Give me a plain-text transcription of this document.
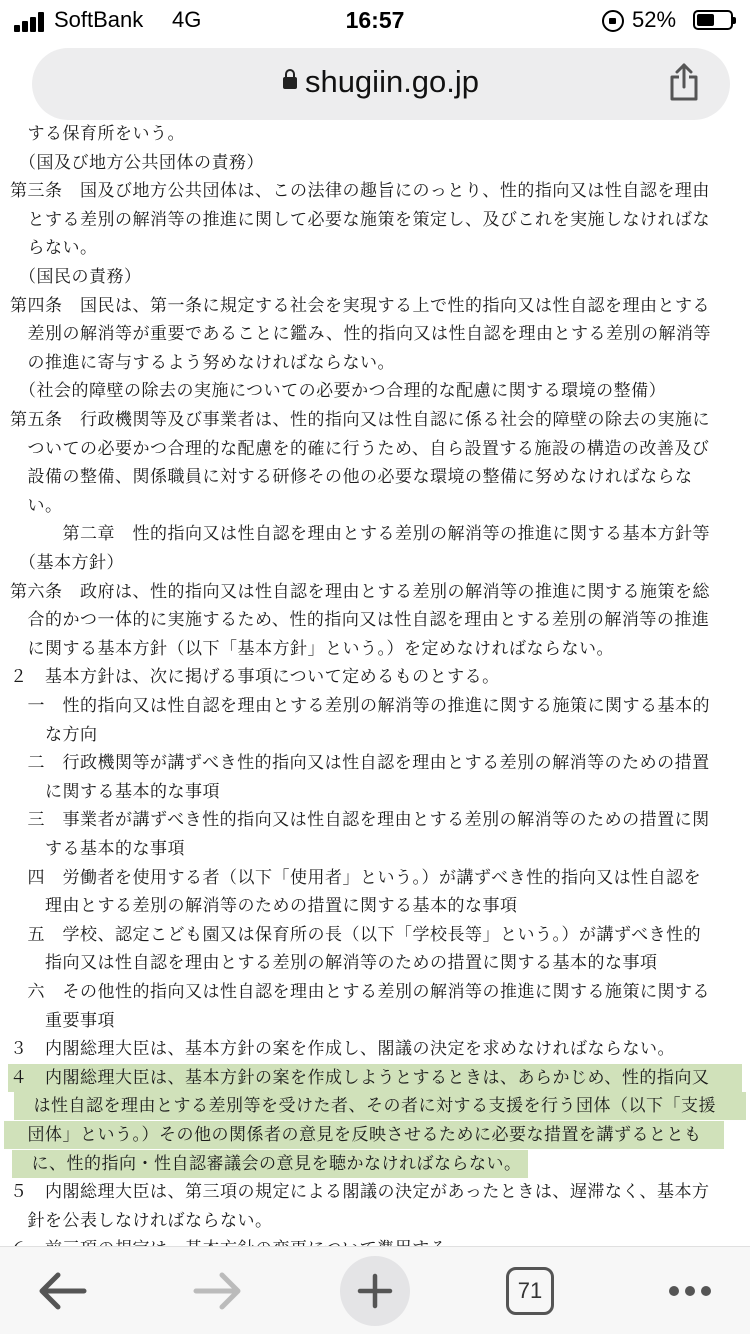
SoftBank 4G	16:57	52%
shugiin.go.jp
　する保育所をいう。
　（国及び地方公共団体の責務）
第三条　国及び地方公共団体は、この法律の趣旨にのっとり、性的指向又は性自認を理由
　とする差別の解消等の推進に関して必要な施策を策定し、及びこれを実施しなければな
　らない。
　（国民の責務）
第四条　国民は、第一条に規定する社会を実現する上で性的指向又は性自認を理由とする
　差別の解消等が重要であることに鑑み、性的指向又は性自認を理由とする差別の解消等
　の推進に寄与するよう努めなければならない。
　（社会的障壁の除去の実施についての必要かつ合理的な配慮に関する環境の整備）
第五条　行政機関等及び事業者は、性的指向又は性自認に係る社会的障壁の除去の実施に
　ついての必要かつ合理的な配慮を的確に行うため、自ら設置する施設の構造の改善及び
　設備の整備、関係職員に対する研修その他の必要な環境の整備に努めなければならな
　い。
　　　第二章　性的指向又は性自認を理由とする差別の解消等の推進に関する基本方針等
　（基本方針）
第六条　政府は、性的指向又は性自認を理由とする差別の解消等の推進に関する施策を総
　合的かつ一体的に実施するため、性的指向又は性自認を理由とする差別の解消等の推進
　に関する基本方針（以下「基本方針」という。）を定めなければならない。
２　基本方針は、次に掲げる事項について定めるものとする。
　一　性的指向又は性自認を理由とする差別の解消等の推進に関する施策に関する基本的
　　な方向
　二　行政機関等が講ずべき性的指向又は性自認を理由とする差別の解消等のための措置
　　に関する基本的な事項
　三　事業者が講ずべき性的指向又は性自認を理由とする差別の解消等のための措置に関
　　する基本的な事項
　四　労働者を使用する者（以下「使用者」という。）が講ずべき性的指向又は性自認を
　　理由とする差別の解消等のための措置に関する基本的な事項
　五　学校、認定こども園又は保育所の長（以下「学校長等」という。）が講ずべき性的
　　指向又は性自認を理由とする差別の解消等のための措置に関する基本的な事項
　六　その他性的指向又は性自認を理由とする差別の解消等の推進に関する施策に関する
　　重要事項
３　内閣総理大臣は、基本方針の案を作成し、閣議の決定を求めなければならない。
４　内閣総理大臣は、基本方針の案を作成しようとするときは、あらかじめ、性的指向又
　は性自認を理由とする差別等を受けた者、その者に対する支援を行う団体（以下「支援
　団体」という。）その他の関係者の意見を反映させるために必要な措置を講ずるととも
　に、性的指向・性自認審議会の意見を聴かなければならない。
５　内閣総理大臣は、第三項の規定による閣議の決定があったときは、遅滞なく、基本方
　針を公表しなければならない。
71
